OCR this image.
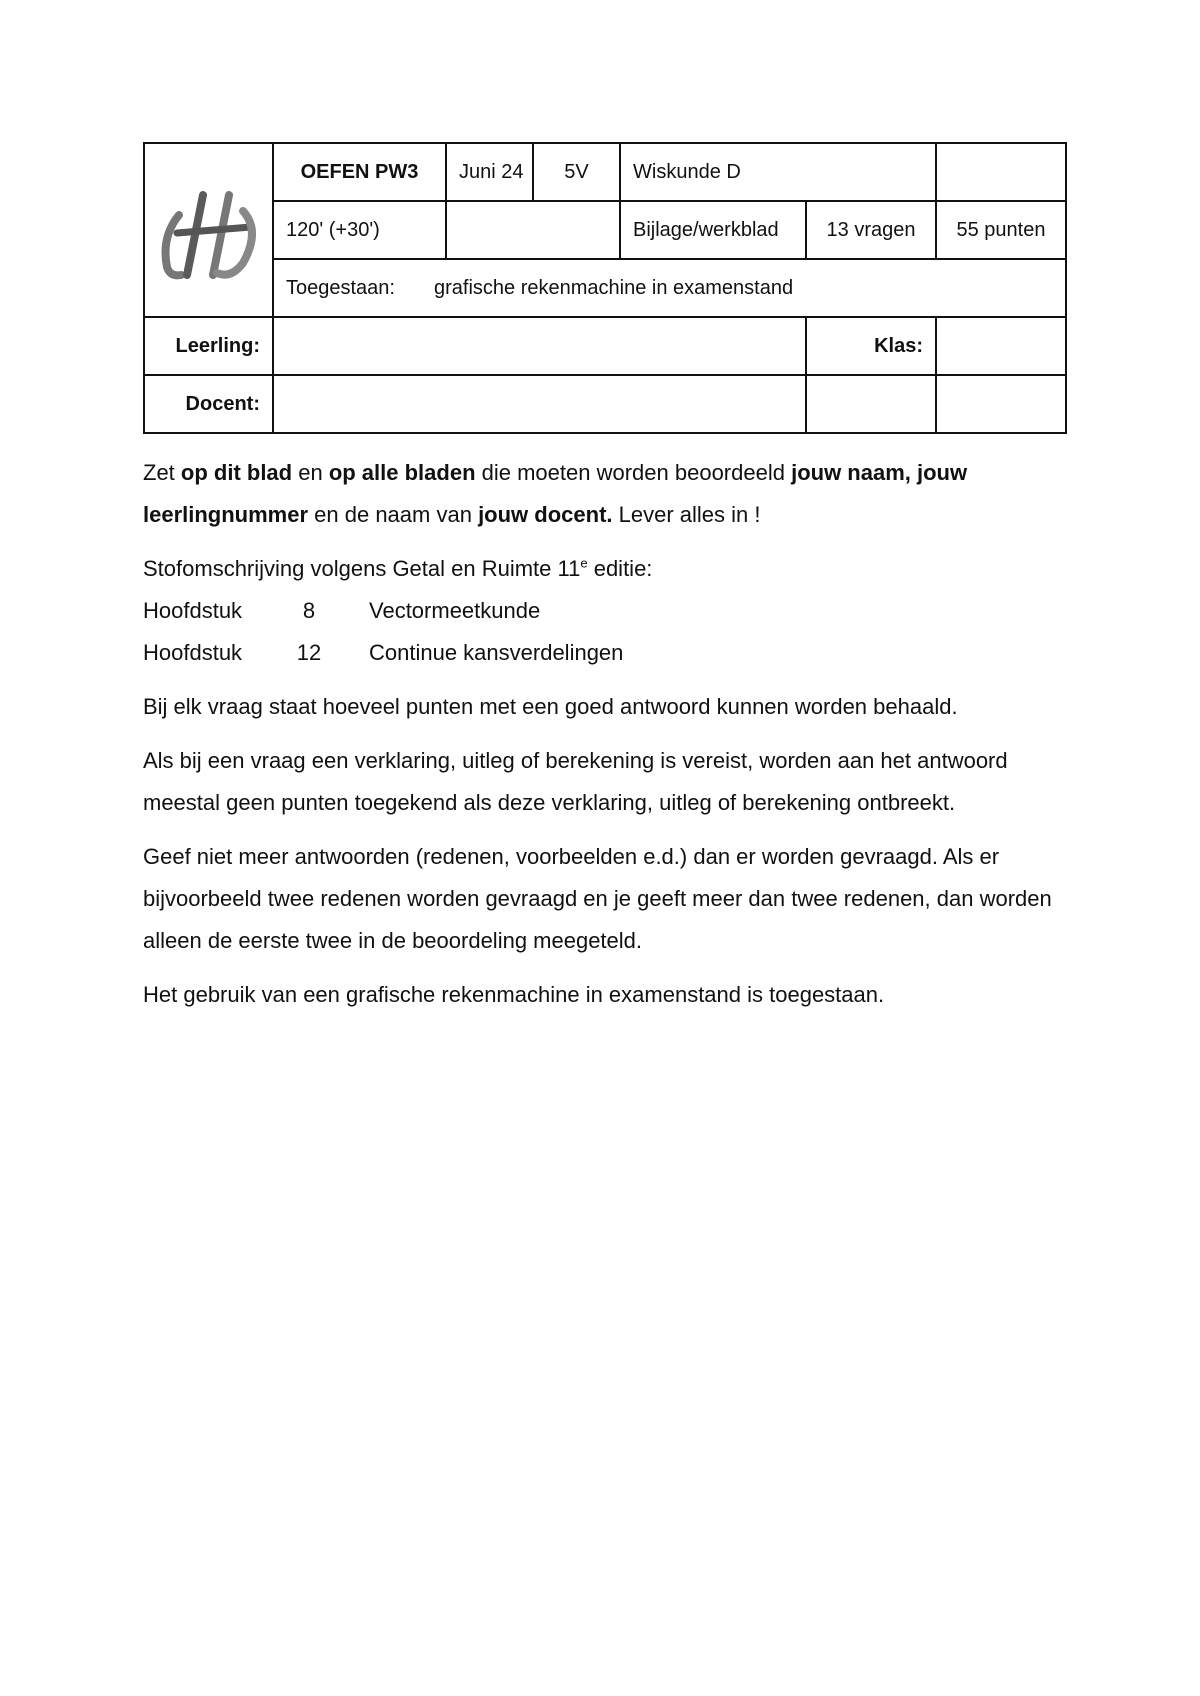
	OEFEN PW3	Juni 24	5V	Wiskunde D		
	120' (+30')			Bijlage/werkblad	13 vragen	55 punten
	Toegestaan: grafische rekenmachine in examenstand					
Leerling:					Klas:	
Docent:						

Zet op dit blad en op alle bladen die moeten worden beoordeeld jouw naam, jouw leerlingnummer en de naam van jouw docent. Lever alles in !

Stofomschrijving volgens Getal en Ruimte 11e editie:

Hoofdstuk	8 Vectormeetkunde
Hoofdstuk 12 Continue kansverdelingen

Bij elk vraag staat hoeveel punten met een goed antwoord kunnen worden behaald.

Als bij een vraag een verklaring, uitleg of berekening is vereist, worden aan het antwoord meestal geen punten toegekend als deze verklaring, uitleg of berekening ontbreekt.

Geef niet meer antwoorden (redenen, voorbeelden e.d.) dan er worden gevraagd. Als er bijvoorbeeld twee redenen worden gevraagd en je geeft meer dan twee redenen, dan worden alleen de eerste twee in de beoordeling meegeteld.

Het gebruik van een grafische rekenmachine in examenstand is toegestaan.
